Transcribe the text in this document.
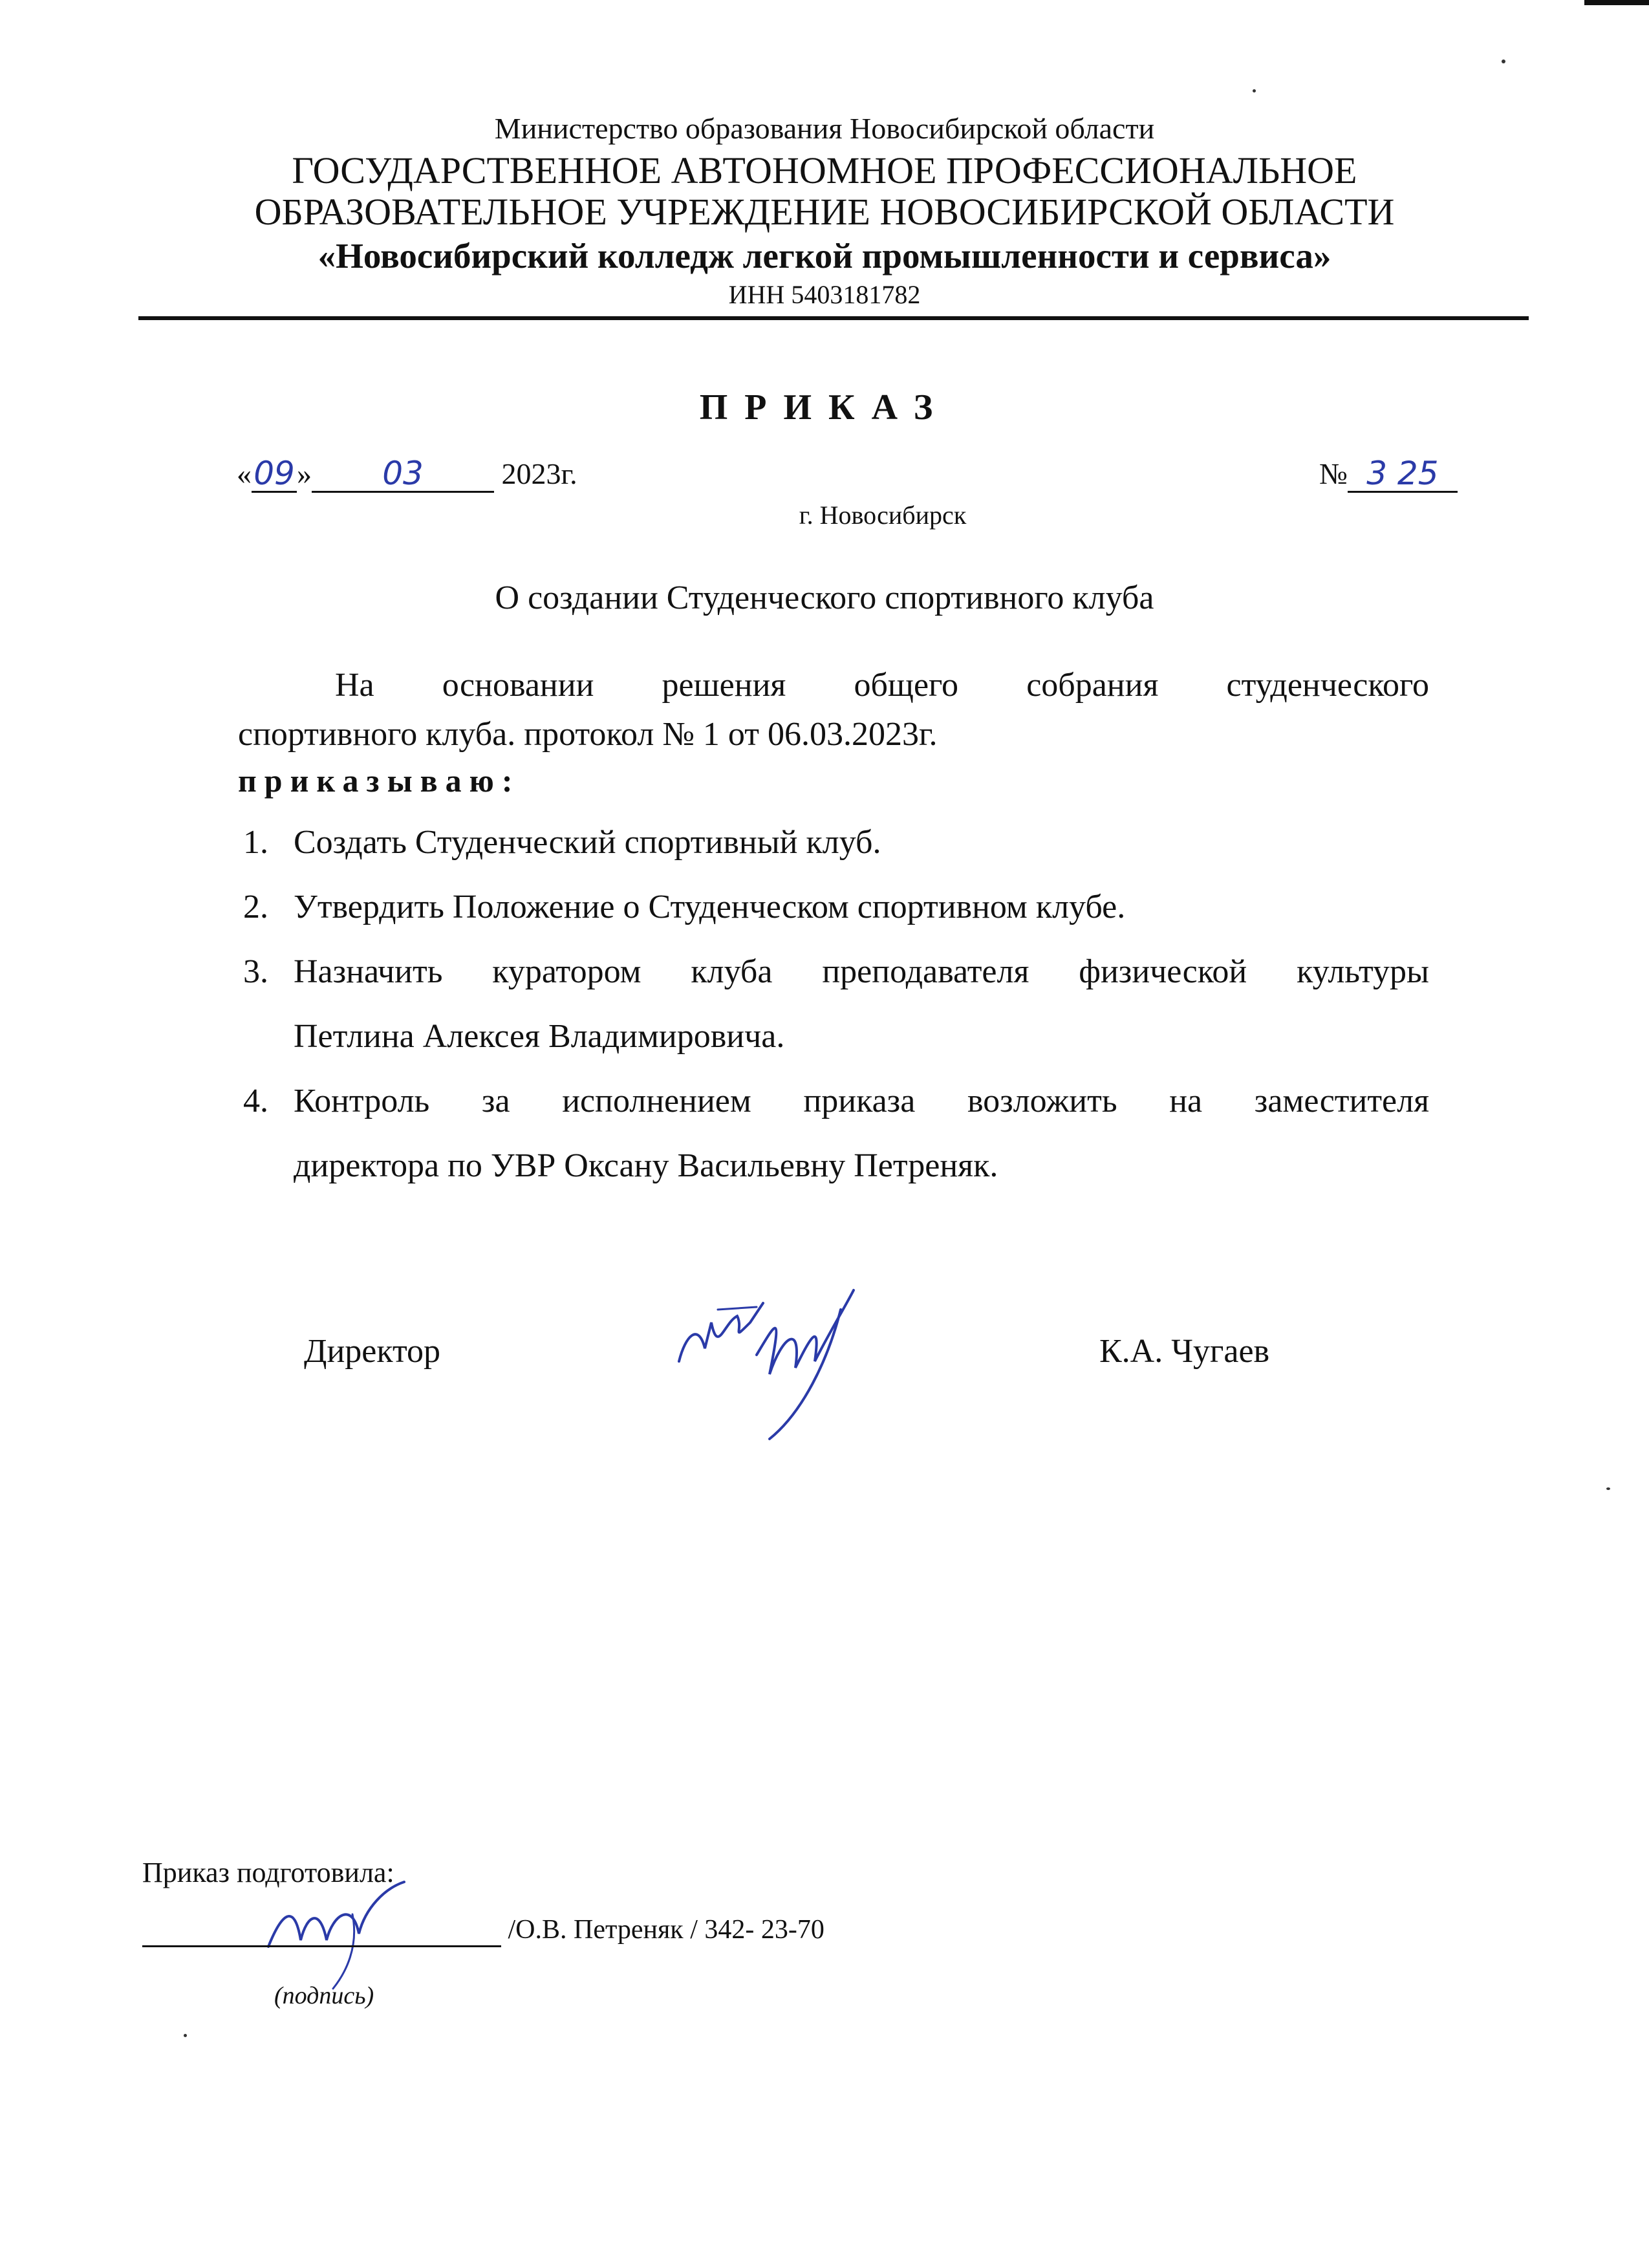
Министерство образования Новосибирской области
ГОСУДАРСТВЕННОЕ АВТОНОМНОЕ ПРОФЕССИОНАЛЬНОЕ
ОБРАЗОВАТЕЛЬНОЕ УЧРЕЖДЕНИЕ НОВОСИБИРСКОЙ ОБЛАСТИ
«Новосибирский колледж легкой промышленности и сервиса»
ИНН 5403181782
ПРИКАЗ
« 09 »	03	2023г.	№ 3 25
г. Новосибирск
О создании Студенческого спортивного клуба
На основании решения общего собрания студенческого
спортивного клуба. протокол № 1 от 06.03.2023г.
приказываю:
1. Создать Студенческий спортивный клуб.
2. Утвердить Положение о Студенческом спортивном клубе.
3. Назначить куратором клуба преподавателя физической культуры
Петлина Алексея Владимировича.
4. Контроль за исполнением приказа возложить на заместителя
директора по УВР Оксану Васильевну Петреняк.
Директор	К.А. Чугаев
Приказ подготовила:
/О.В. Петреняк / 342- 23-70
(подпись)
